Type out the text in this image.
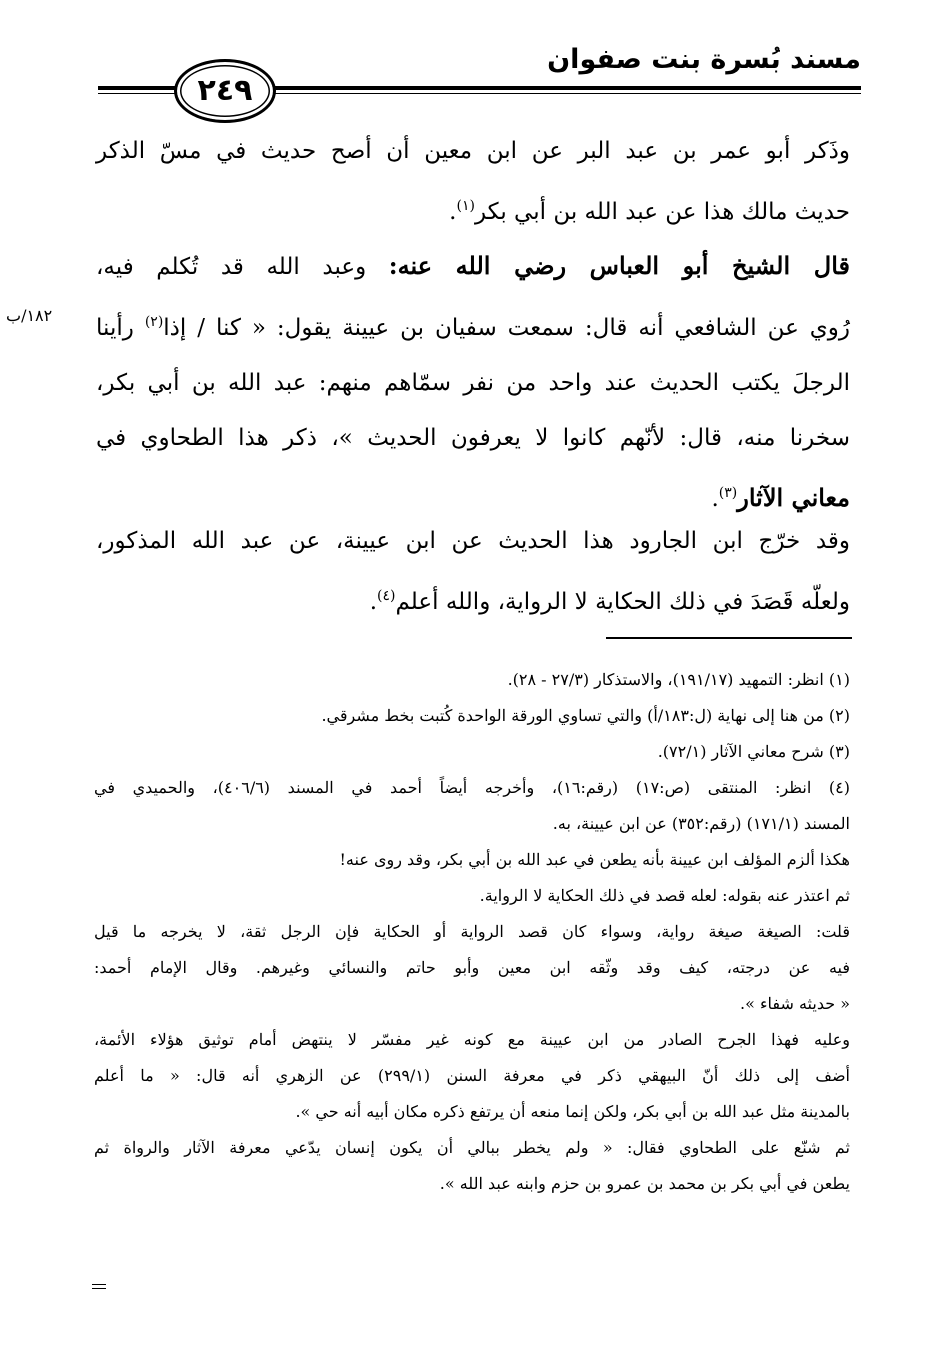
مسند بُسرة بنت صفوان
٢٤٩
١٨٢/ب
وذَكر أبو عمر بن عبد البر عن ابن معين أن أصح حديث في مسّ الذكر
حديث مالك هذا عن عبد الله بن أبي بكر$^{(١)}$.
قال الشيخ أبو العباس رضي الله عنه: وعبد الله قد تُكلم فيه،
رُوي عن الشافعي أنه قال: سمعت سفيان بن عيينة يقول: « كنا / إذا$^{(٢)}$ رأينا
الرجلَ يكتب الحديث عند واحد من نفر سمّاهم منهم: عبد الله بن أبي بكر،
سخرنا منه، قال: لأنّهم كانوا لا يعرفون الحديث »، ذكر هذا الطحاوي في
معاني الآثار$^{(٣)}$.
وقد خرّج ابن الجارود هذا الحديث عن ابن عيينة، عن عبد الله المذكور،
ولعلّه قَصَدَ في ذلك الحكاية لا الرواية، والله أعلم$^{(٤)}$.
(١) انظر: التمهيد (١٩١/١٧)، والاستذكار (٢٧/٣ - ٢٨).
(٢) من هنا إلى نهاية (ل:١٨٣/أ) والتي تساوي الورقة الواحدة كُتبت بخط مشرقي.
(٣) شرح معاني الآثار (٧٢/١).
(٤) انظر: المنتقى (ص:١٧) (رقم:١٦)، وأخرجه أيضاً أحمد في المسند (٤٠٦/٦)، والحميدي في
المسند (١٧١/١) (رقم:٣٥٢) عن ابن عيينة، به.
هكذا ألزم المؤلف ابن عيينة بأنه يطعن في عبد الله بن أبي بكر، وقد روى عنه!
ثم اعتذر عنه بقوله: لعله قصد في ذلك الحكاية لا الرواية.
قلت: الصيغة صيغة رواية، وسواء كان قصد الرواية أو الحكاية فإن الرجل ثقة، لا يخرجه ما قيل
فيه عن درجته، كيف وقد وثّقه ابن معين وأبو حاتم والنسائي وغيرهم. وقال الإمام أحمد:
« حديثه شفاء ».
وعليه فهذا الجرح الصادر من ابن عيينة مع كونه غير مفسّر لا ينتهض أمام توثيق هؤلاء الأئمة،
أضف إلى ذلك أنّ البيهقي ذكر في معرفة السنن (٢٩٩/١) عن الزهري أنه قال: « ما أعلم
بالمدينة مثل عبد الله بن أبي بكر، ولكن إنما منعه أن يرتفع ذكره مكان أبيه أنه حي ».
ثم شنّع على الطحاوي فقال: « ولم يخطر ببالي أن يكون إنسان يدّعي معرفة الآثار والرواة ثم
يطعن في أبي بكر بن محمد بن عمرو بن حزم وابنه عبد الله ».
